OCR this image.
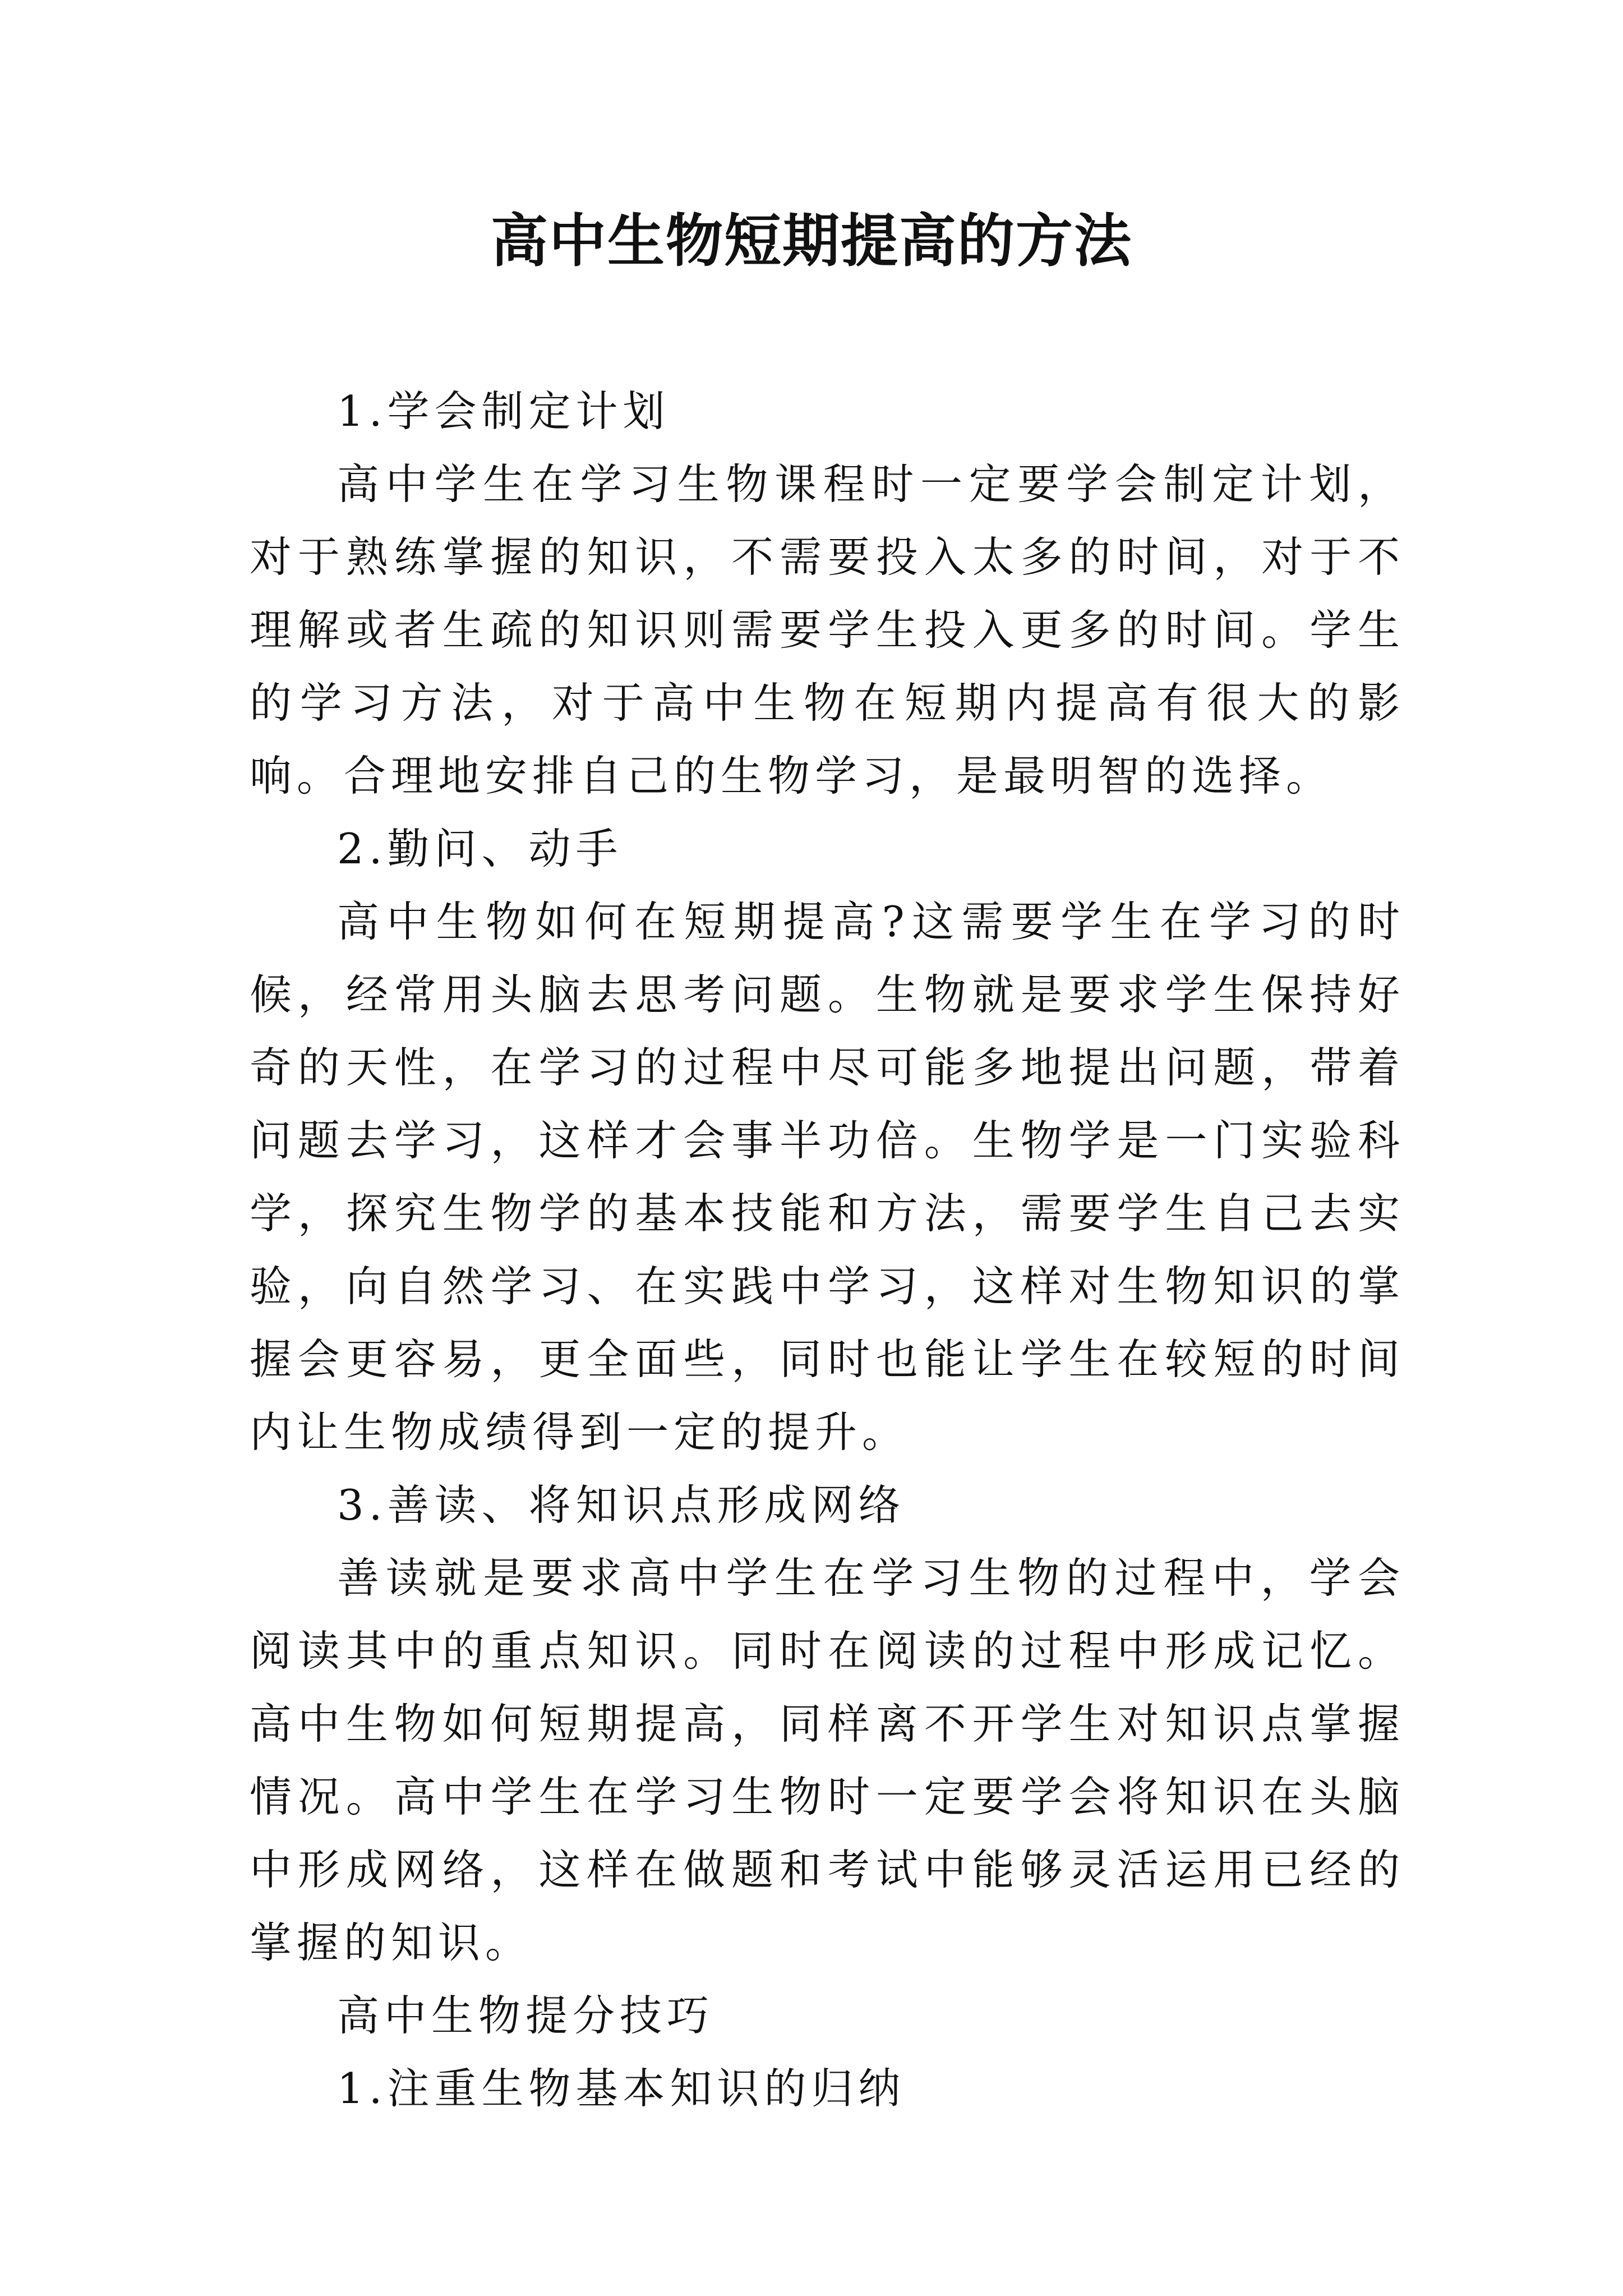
高中生物短期提高的方法

1.学会制定计划

高中学生在学习生物课程时一定要学会制定计划，对于熟练掌握的知识，不需要投入太多的时间，对于不理解或者生疏的知识则需要学生投入更多的时间。学生的学习方法，对于高中生物在短期内提高有很大的影响。合理地安排自己的生物学习，是最明智的选择。

2.勤问、动手

高中生物如何在短期提高?这需要学生在学习的时候，经常用头脑去思考问题。生物就是要求学生保持好奇的天性，在学习的过程中尽可能多地提出问题，带着问题去学习，这样才会事半功倍。生物学是一门实验科学，探究生物学的基本技能和方法，需要学生自己去实验，向自然学习、在实践中学习，这样对生物知识的掌握会更容易，更全面些，同时也能让学生在较短的时间内让生物成绩得到一定的提升。

3.善读、将知识点形成网络

善读就是要求高中学生在学习生物的过程中，学会阅读其中的重点知识。同时在阅读的过程中形成记忆。高中生物如何短期提高，同样离不开学生对知识点掌握情况。高中学生在学习生物时一定要学会将知识在头脑中形成网络，这样在做题和考试中能够灵活运用已经的掌握的知识。

高中生物提分技巧

1.注重生物基本知识的归纳
